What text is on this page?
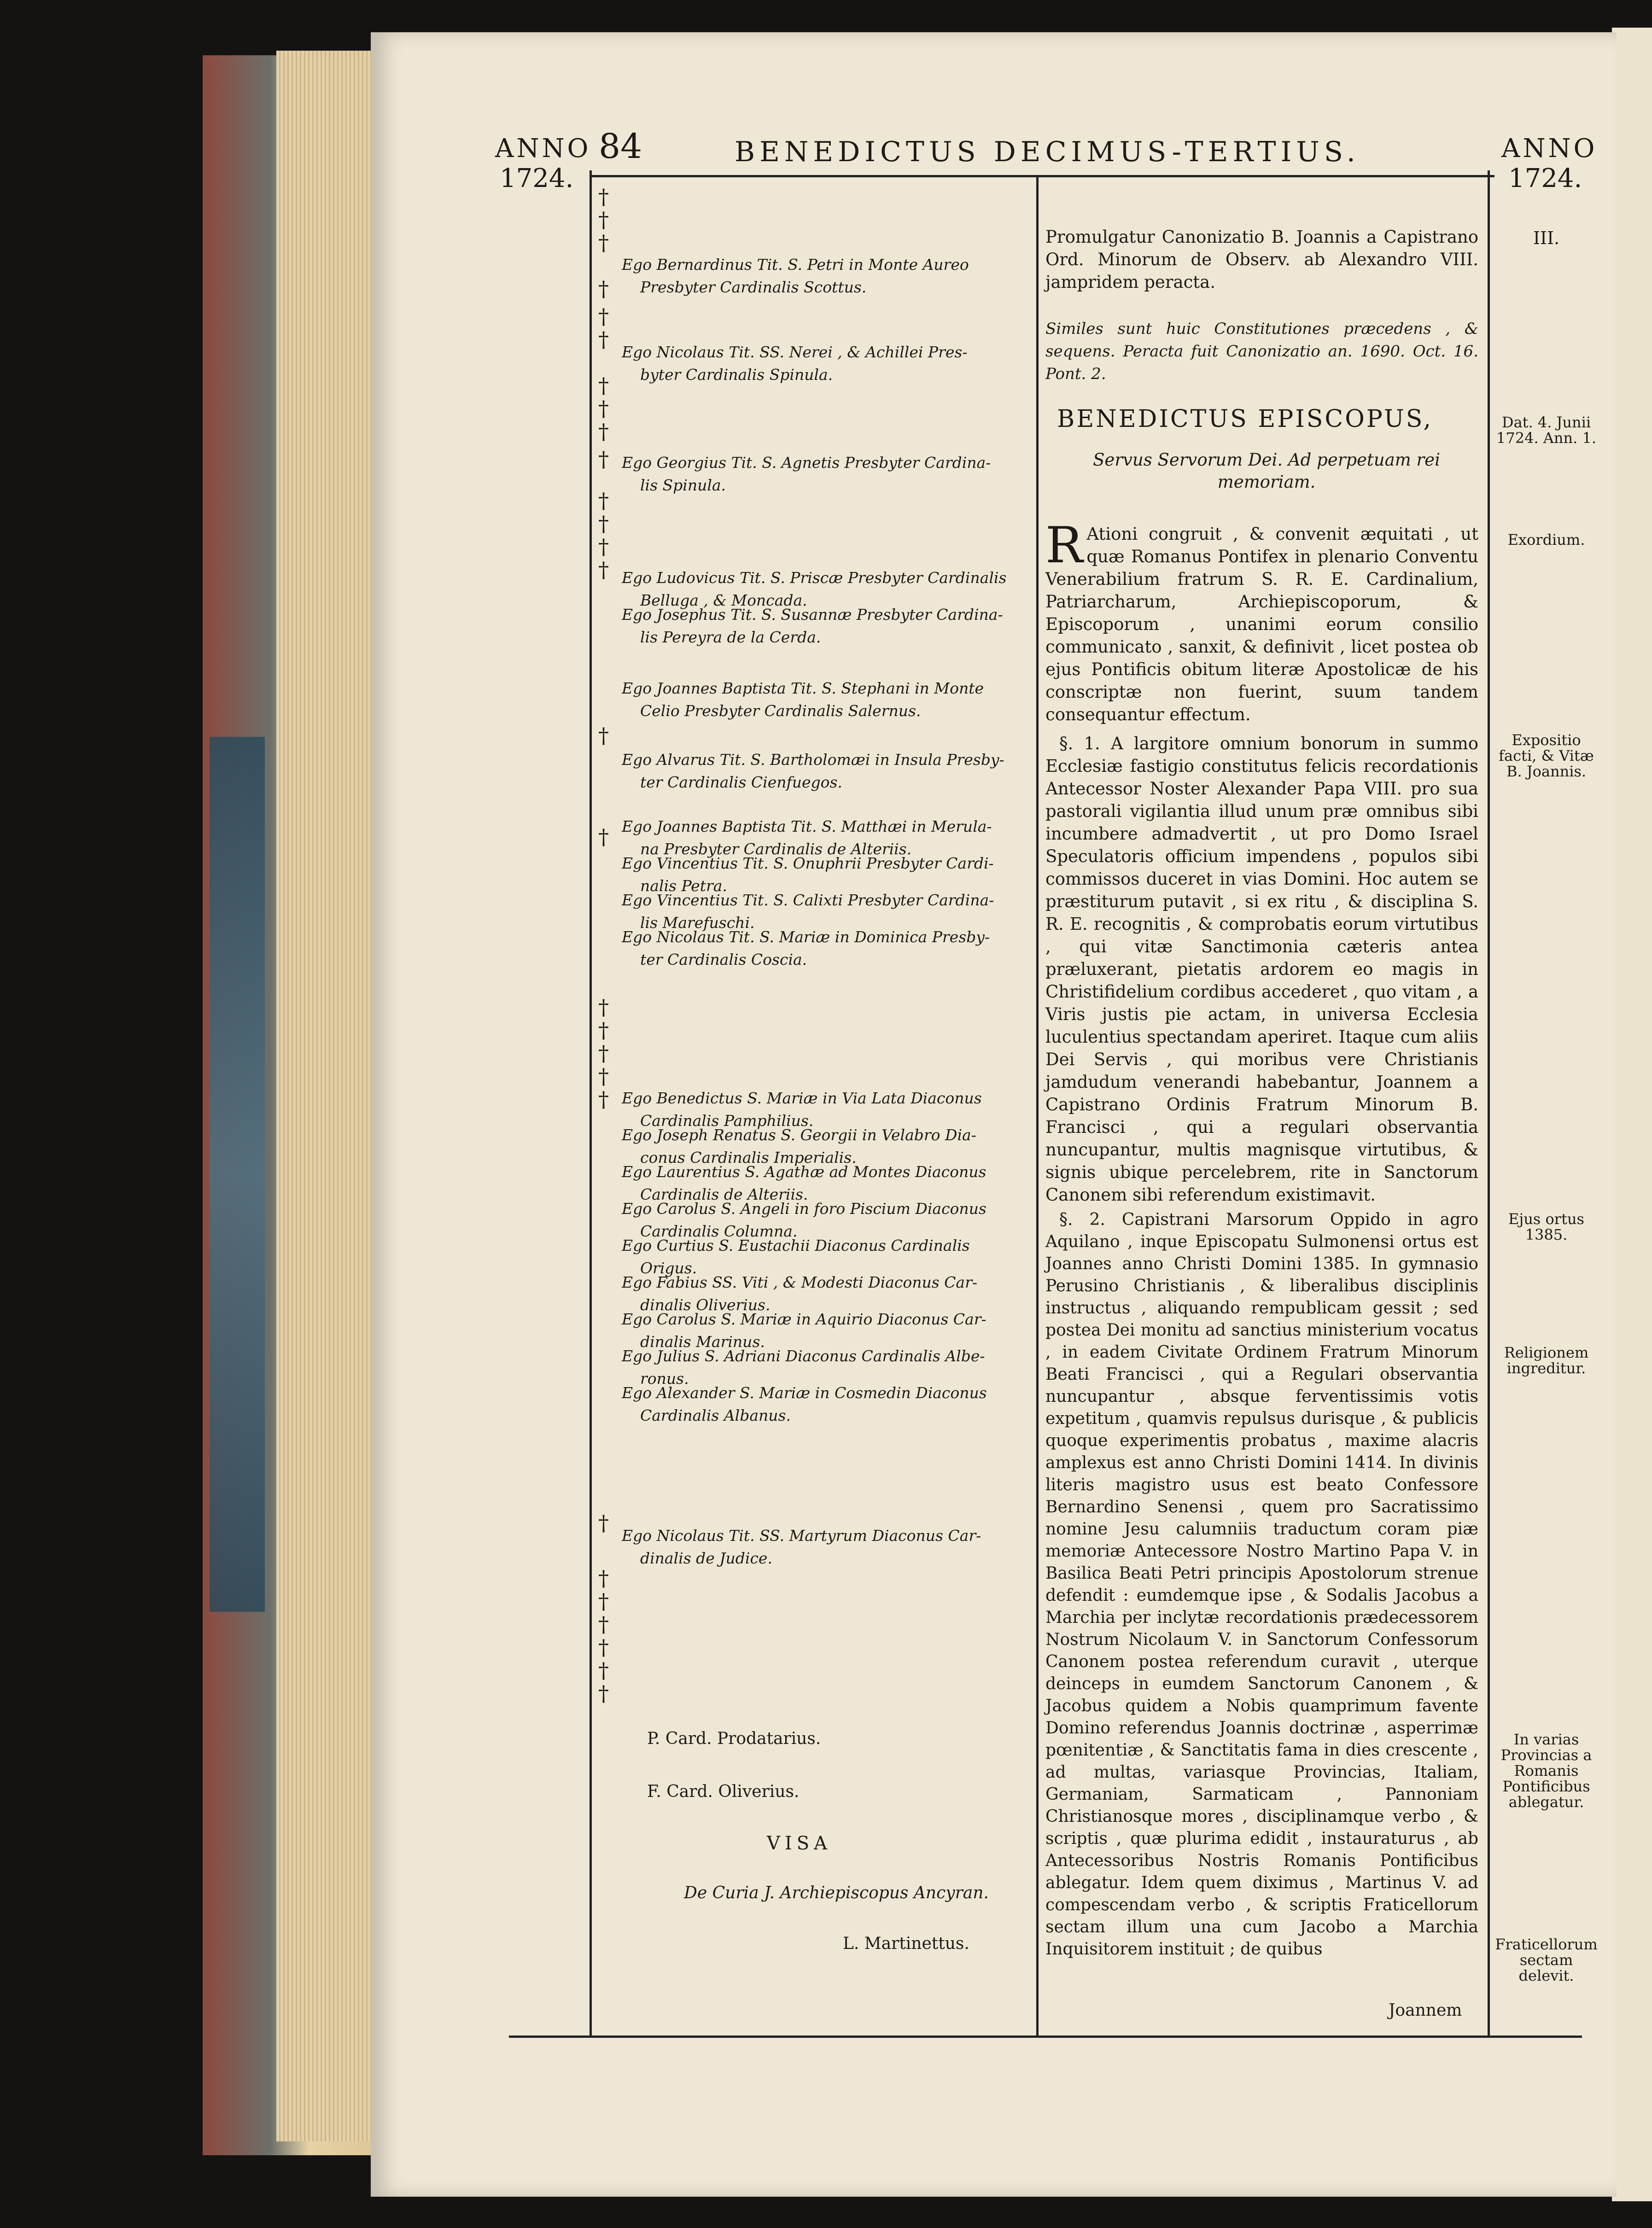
ANNO
1724.
84	BENEDICTUS DECIMUS-TERTIUS.	ANNO
1724.
†
†
†
†
†
†
†
†
†
†
†
†
†
†
†
†
†
†
†
†
†
†
†
†
†
†
†
†
Ego Bernardinus Tit. S. Petri in Monte Aureo
Presbyter Cardinalis Scottus.
Ego Nicolaus Tit. SS. Nerei , & Achillei Pres-
byter Cardinalis Spinula.
Ego Georgius Tit. S. Agnetis Presbyter Cardina-
lis Spinula.
Ego Ludovicus Tit. S. Priscæ Presbyter Cardinalis
Belluga , & Moncada.
Ego Josephus Tit. S. Susannæ Presbyter Cardina-
lis Pereyra de la Cerda.
Ego Joannes Baptista Tit. S. Stephani in Monte
Celio Presbyter Cardinalis Salernus.
Ego Alvarus Tit. S. Bartholomæi in Insula Presby-
ter Cardinalis Cienfuegos.
Ego Joannes Baptista Tit. S. Matthæi in Merula-
na Presbyter Cardinalis de Alteriis.
Ego Vincentius Tit. S. Onuphrii Presbyter Cardi-
nalis Petra.
Ego Vincentius Tit. S. Calixti Presbyter Cardina-
lis Marefuschi.
Ego Nicolaus Tit. S. Mariæ in Dominica Presby-
ter Cardinalis Coscia.
Ego Benedictus S. Mariæ in Via Lata Diaconus
Cardinalis Pamphilius.
Ego Joseph Renatus S. Georgii in Velabro Dia-
conus Cardinalis Imperialis.
Ego Laurentius S. Agathæ ad Montes Diaconus
Cardinalis de Alteriis.
Ego Carolus S. Angeli in foro Piscium Diaconus
Cardinalis Columna.
Ego Curtius S. Eustachii Diaconus Cardinalis
Origus.
Ego Fabius SS. Viti , & Modesti Diaconus Car-
dinalis Oliverius.
Ego Carolus S. Mariæ in Aquirio Diaconus Car-
dinalis Marinus.
Ego Julius S. Adriani Diaconus Cardinalis Albe-
ronus.
Ego Alexander S. Mariæ in Cosmedin Diaconus
Cardinalis Albanus.
Ego Nicolaus Tit. SS. Martyrum Diaconus Car-
dinalis de Judice.
P. Card. Prodatarius.
F. Card. Oliverius.
VISA
De Curia J. Archiepiscopus Ancyran.
L. Martinettus.
Promulgatur Canonizatio B. Joannis a Capistrano Ord. Minorum de Observ. ab Alexandro VIII. jampridem peracta.
Similes sunt huic Constitutiones præcedens , & sequens. Peracta fuit Canonizatio an. 1690. Oct. 16. Pont. 2.
BENEDICTUS EPISCOPUS,
Servus Servorum Dei. Ad perpetuam rei memoriam.
R Ationi congruit , & convenit æquitati , ut quæ Romanus Pontifex in plenario Conventu Venerabilium fratrum S. R. E. Cardinalium, Patriarcharum, Archiepiscoporum, & Episcoporum , unanimi eorum consilio communicato , sanxit, & definivit , licet postea ob ejus Pontificis obitum literæ Apostolicæ de his conscriptæ non fuerint, suum tandem consequantur effectum.
§. 1. A largitore omnium bonorum in summo Ecclesiæ fastigio constitutus felicis recordationis Antecessor Noster Alexander Papa VIII. pro sua pastorali vigilantia illud unum præ omnibus sibi incumbere admadvertit , ut pro Domo Israel Speculatoris officium impendens , populos sibi commissos duceret in vias Domini. Hoc autem se præstiturum putavit , si ex ritu , & disciplina S. R. E. recognitis , & comprobatis eorum virtutibus , qui vitæ Sanctimonia cæteris antea præluxerant, pietatis ardorem eo magis in Christifidelium cordibus accederet , quo vitam , a Viris justis pie actam, in universa Ecclesia luculentius spectandam aperiret. Itaque cum aliis Dei Servis , qui moribus vere Christianis jamdudum venerandi habebantur, Joannem a Capistrano Ordinis Fratrum Minorum B. Francisci , qui a regulari observantia nuncupantur, multis magnisque virtutibus, & signis ubique percelebrem, rite in Sanctorum Canonem sibi referendum existimavit.
§. 2. Capistrani Marsorum Oppido in agro Aquilano , inque Episcopatu Sulmonensi ortus est Joannes anno Christi Domini 1385. In gymnasio Perusino Christianis , & liberalibus disciplinis instructus , aliquando rempublicam gessit ; sed postea Dei monitu ad sanctius ministerium vocatus , in eadem Civitate Ordinem Fratrum Minorum Beati Francisci , qui a Regulari observantia nuncupantur , absque ferventissimis votis expetitum , quamvis repulsus durisque , & publicis quoque experimentis probatus , maxime alacris amplexus est anno Christi Domini 1414. In divinis literis magistro usus est beato Confessore Bernardino Senensi , quem pro Sacratissimo nomine Jesu calumniis traductum coram piæ memoriæ Antecessore Nostro Martino Papa V. in Basilica Beati Petri principis Apostolorum strenue defendit : eumdemque ipse , & Sodalis Jacobus a Marchia per inclytæ recordationis prædecessorem Nostrum Nicolaum V. in Sanctorum Confessorum Canonem postea referendum curavit , uterque deinceps in eumdem Sanctorum Canonem , & Jacobus quidem a Nobis quamprimum favente Domino referendus Joannis doctrinæ , asperrimæ pœnitentiæ , & Sanctitatis fama in dies crescente , ad multas, variasque Provincias, Italiam, Germaniam, Sarmaticam , Pannoniam Christianosque mores , disciplinamque verbo , & scriptis , quæ plurima edidit , instauraturus , ab Antecessoribus Nostris Romanis Pontificibus ablegatur. Idem quem diximus , Martinus V. ad compescendam verbo , & scriptis Fraticellorum sectam illum una cum Jacobo a Marchia Inquisitorem instituit ; de quibus
Joannem
III.
Dat. 4. Junii 1724. Ann. 1.
Exordium.
Expositio facti, & Vitæ B. Joannis.
Ejus ortus 1385.
Religionem ingreditur.
In varias Provincias a Romanis Pontificibus ablegatur.
Fraticellorum sectam delevit.
